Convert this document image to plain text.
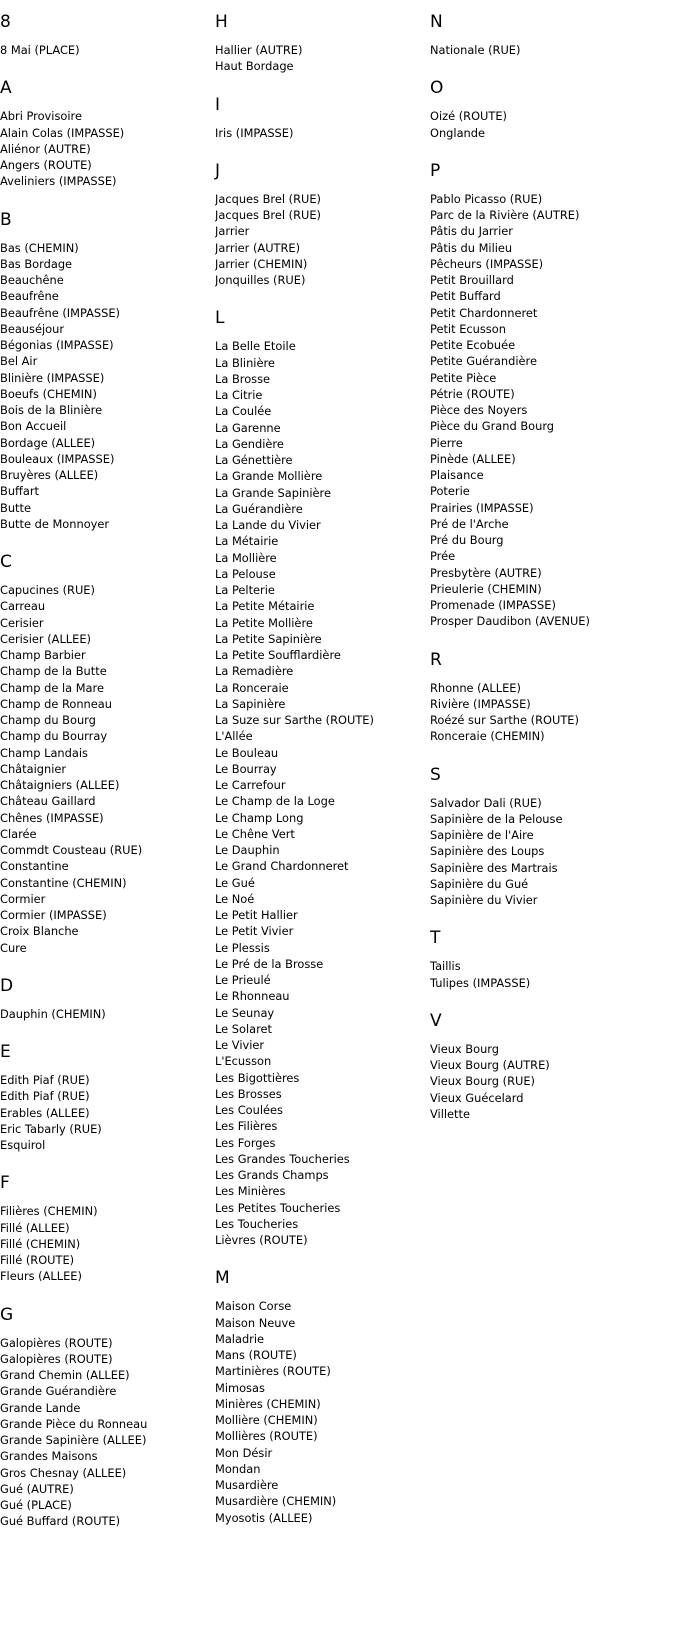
8
8 Mai (PLACE)
A
Abri Provisoire
Alain Colas (IMPASSE)
Aliénor (AUTRE)
Angers (ROUTE)
Aveliniers (IMPASSE)
B
Bas (CHEMIN)
Bas Bordage
Beauchêne
Beaufrêne
Beaufrêne (IMPASSE)
Beauséjour
Bégonias (IMPASSE)
Bel Air
Blinière (IMPASSE)
Boeufs (CHEMIN)
Bois de la Blinière
Bon Accueil
Bordage (ALLEE)
Bouleaux (IMPASSE)
Bruyères (ALLEE)
Buffart
Butte
Butte de Monnoyer
C
Capucines (RUE)
Carreau
Cerisier
Cerisier (ALLEE)
Champ Barbier
Champ de la Butte
Champ de la Mare
Champ de Ronneau
Champ du Bourg
Champ du Bourray
Champ Landais
Châtaignier
Châtaigniers (ALLEE)
Château Gaillard
Chênes (IMPASSE)
Clarée
Commdt Cousteau (RUE)
Constantine
Constantine (CHEMIN)
Cormier
Cormier (IMPASSE)
Croix Blanche
Cure
D
Dauphin (CHEMIN)
E
Edith Piaf (RUE)
Edith Piaf (RUE)
Erables (ALLEE)
Eric Tabarly (RUE)
Esquirol
F
Filières (CHEMIN)
Fillé (ALLEE)
Fillé (CHEMIN)
Fillé (ROUTE)
Fleurs (ALLEE)
G
Galopières (ROUTE)
Galopières (ROUTE)
Grand Chemin (ALLEE)
Grande Guérandière
Grande Lande
Grande Pièce du Ronneau
Grande Sapinière (ALLEE)
Grandes Maisons
Gros Chesnay (ALLEE)
Gué (AUTRE)
Gué (PLACE)
Gué Buffard (ROUTE)
H
Hallier (AUTRE)
Haut Bordage
I
Iris (IMPASSE)
J
Jacques Brel (RUE)
Jacques Brel (RUE)
Jarrier
Jarrier (AUTRE)
Jarrier (CHEMIN)
Jonquilles (RUE)
L
La Belle Etoile
La Blinière
La Brosse
La Citrie
La Coulée
La Garenne
La Gendière
La Génettière
La Grande Mollière
La Grande Sapinière
La Guérandière
La Lande du Vivier
La Métairie
La Mollière
La Pelouse
La Pelterie
La Petite Métairie
La Petite Mollière
La Petite Sapinière
La Petite Soufflardière
La Remadière
La Ronceraie
La Sapinière
La Suze sur Sarthe (ROUTE)
L'Allée
Le Bouleau
Le Bourray
Le Carrefour
Le Champ de la Loge
Le Champ Long
Le Chêne Vert
Le Dauphin
Le Grand Chardonneret
Le Gué
Le Noé
Le Petit Hallier
Le Petit Vivier
Le Plessis
Le Pré de la Brosse
Le Prieulé
Le Rhonneau
Le Seunay
Le Solaret
Le Vivier
L'Ecusson
Les Bigottières
Les Brosses
Les Coulées
Les Filières
Les Forges
Les Grandes Toucheries
Les Grands Champs
Les Minières
Les Petites Toucheries
Les Toucheries
Lièvres (ROUTE)
M
Maison Corse
Maison Neuve
Maladrie
Mans (ROUTE)
Martinières (ROUTE)
Mimosas
Minières (CHEMIN)
Mollière (CHEMIN)
Mollières (ROUTE)
Mon Désir
Mondan
Musardière
Musardière (CHEMIN)
Myosotis (ALLEE)
N
Nationale (RUE)
O
Oizé (ROUTE)
Onglande
P
Pablo Picasso (RUE)
Parc de la Rivière (AUTRE)
Pâtis du Jarrier
Pâtis du Milieu
Pêcheurs (IMPASSE)
Petit Brouillard
Petit Buffard
Petit Chardonneret
Petit Ecusson
Petite Ecobuée
Petite Guérandière
Petite Pièce
Pétrie (ROUTE)
Pièce des Noyers
Pièce du Grand Bourg
Pierre
Pinède (ALLEE)
Plaisance
Poterie
Prairies (IMPASSE)
Pré de l'Arche
Pré du Bourg
Prée
Presbytère (AUTRE)
Prieulerie (CHEMIN)
Promenade (IMPASSE)
Prosper Daudibon (AVENUE)
R
Rhonne (ALLEE)
Rivière (IMPASSE)
Roézé sur Sarthe (ROUTE)
Ronceraie (CHEMIN)
S
Salvador Dali (RUE)
Sapinière de la Pelouse
Sapinière de l'Aire
Sapinière des Loups
Sapinière des Martrais
Sapinière du Gué
Sapinière du Vivier
T
Taillis
Tulipes (IMPASSE)
V
Vieux Bourg
Vieux Bourg (AUTRE)
Vieux Bourg (RUE)
Vieux Guécelard
Villette
